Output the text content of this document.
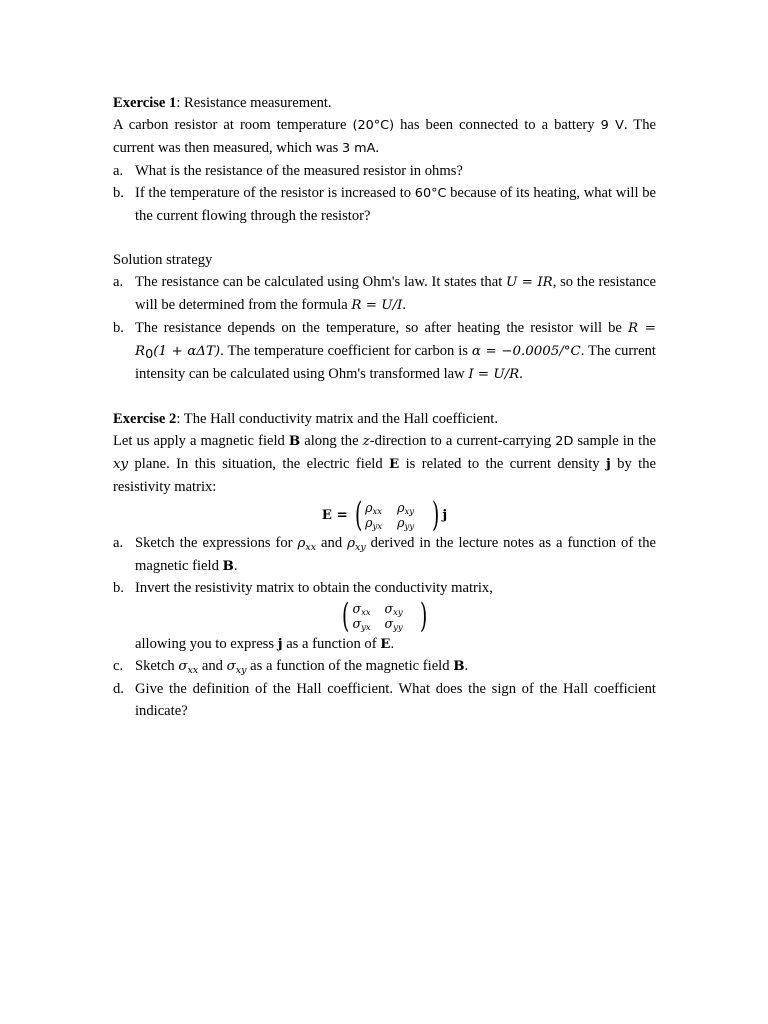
Exercise 1: Resistance measurement.
A carbon resistor at room temperature (20°C) has been connected to a battery 9 V. The current was then measured, which was 3 mA.
a. What is the resistance of the measured resistor in ohms?
b. If the temperature of the resistor is increased to 60°C because of its heating, what will be the current flowing through the resistor?
Solution strategy
a. The resistance can be calculated using Ohm's law. It states that U = IR, so the resistance will be determined from the formula R = U/I.
b. The resistance depends on the temperature, so after heating the resistor will be $R = R_0(1 + \alpha\Delta T)$. The temperature coefficient for carbon is α = −0.0005/°C. The current intensity can be calculated using Ohm's transformed law I = U/R.
Exercise 2: The Hall conductivity matrix and the Hall coefficient.
Let us apply a magnetic field B along the z-direction to a current-carrying 2D sample in the xy plane. In this situation, the electric field E is related to the current density j by the resistivity matrix:
E = ( $\rho_{xx}$	$\rho_{xy}$
$\rho_{yx}$	$\rho_{yy}$ ) j
a. Sketch the expressions for $\rho_{xx}$ and $\rho_{xy}$ derived in the lecture notes as a function of the magnetic field B.
b. Invert the resistivity matrix to obtain the conductivity matrix,
( $\sigma_{xx}$	$\sigma_{xy}$
$\sigma_{yx}$	$\sigma_{yy}$ )
allowing you to express j as a function of E.
c. Sketch $\sigma_{xx}$ and $\sigma_{xy}$ as a function of the magnetic field B.
d. Give the definition of the Hall coefficient. What does the sign of the Hall coefficient indicate?
